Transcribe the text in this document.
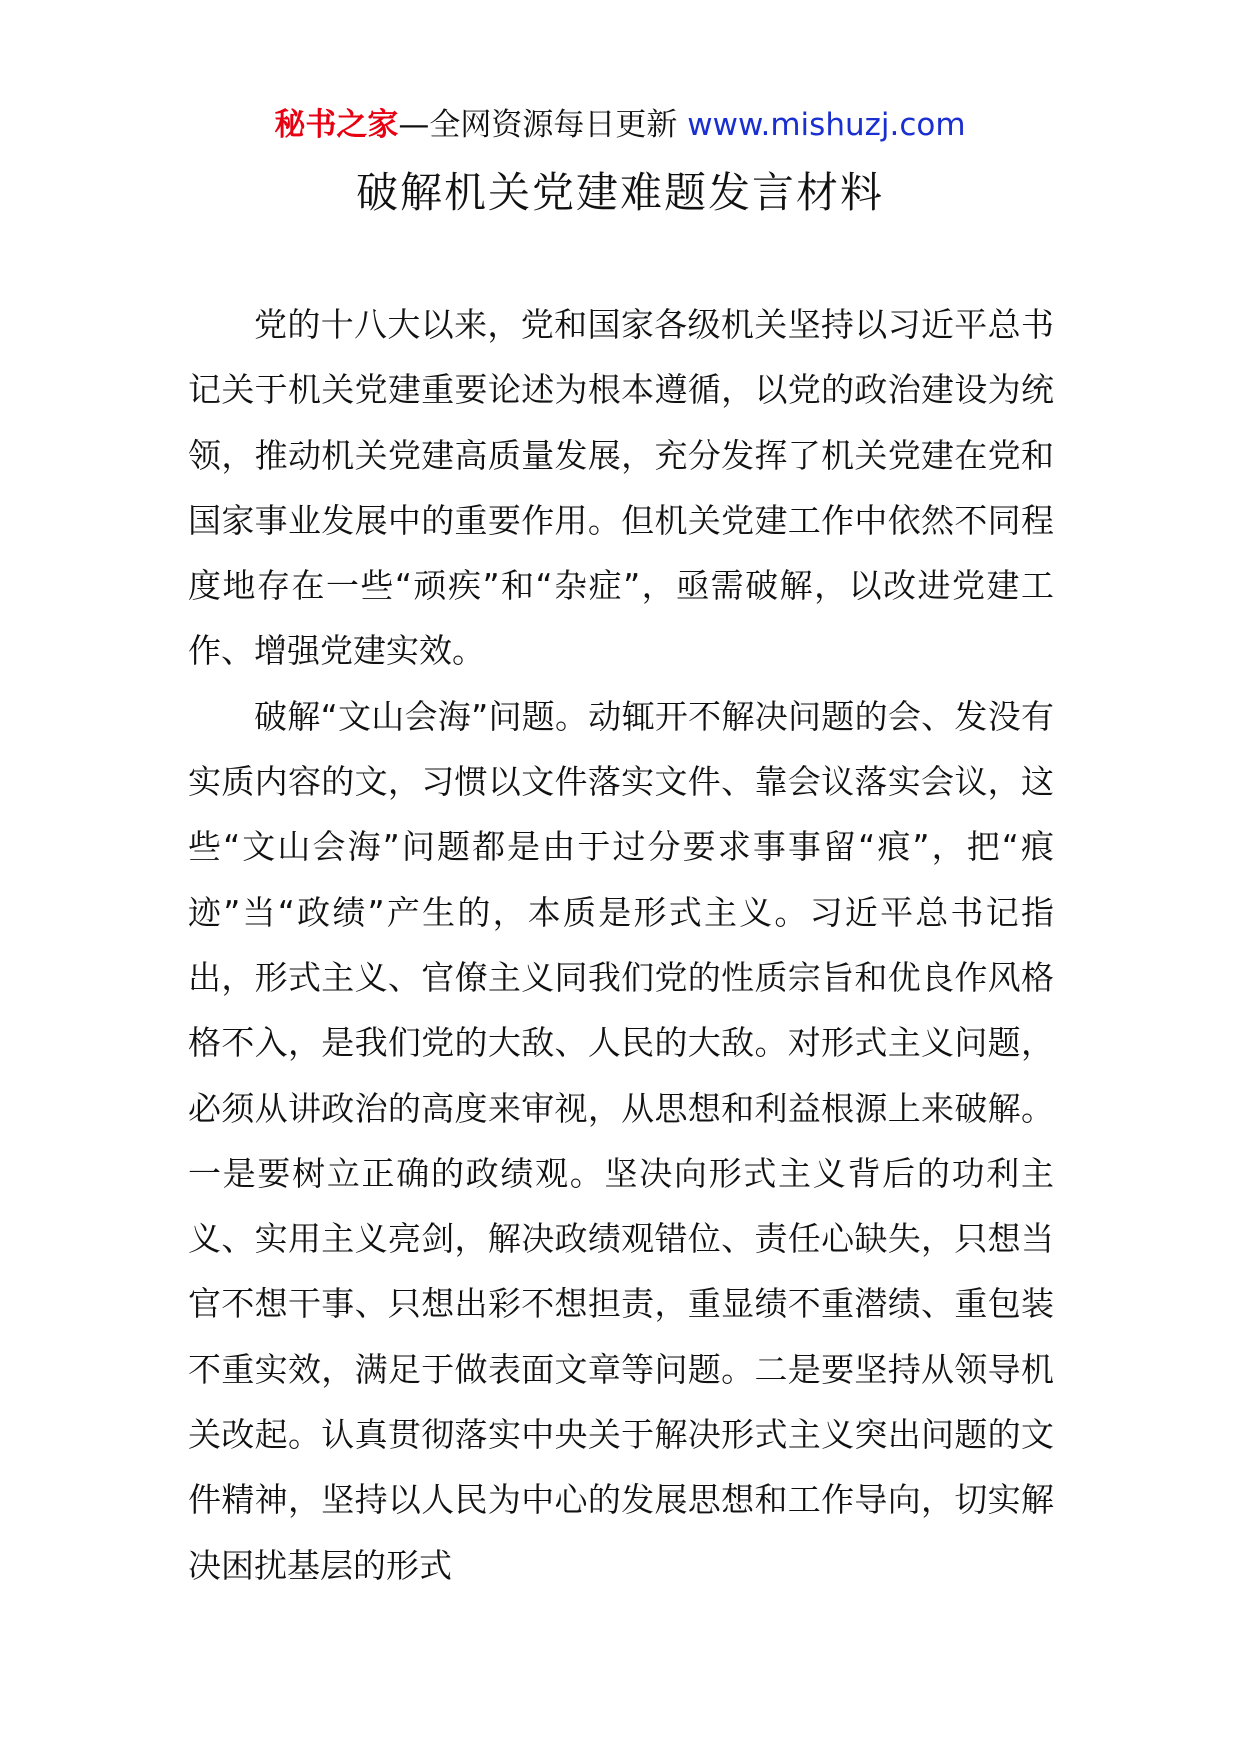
秘书之家—全网资源每日更新 www.mishuzj.com
破解机关党建难题发言材料

党的十八大以来，党和国家各级机关坚持以习近平总书记关于机关党建重要论述为根本遵循，以党的政治建设为统领，推动机关党建高质量发展，充分发挥了机关党建在党和国家事业发展中的重要作用。但机关党建工作中依然不同程度地存在一些“顽疾”和“杂症”，亟需破解，以改进党建工作、增强党建实效。

破解“文山会海”问题。动辄开不解决问题的会、发没有实质内容的文，习惯以文件落实文件、靠会议落实会议，这些“文山会海”问题都是由于过分要求事事留“痕”，把“痕迹”当“政绩”产生的，本质是形式主义。习近平总书记指出，形式主义、官僚主义同我们党的性质宗旨和优良作风格格不入，是我们党的大敌、人民的大敌。对形式主义问题，必须从讲政治的高度来审视，从思想和利益根源上来破解。一是要树立正确的政绩观。坚决向形式主义背后的功利主义、实用主义亮剑，解决政绩观错位、责任心缺失，只想当官不想干事、只想出彩不想担责，重显绩不重潜绩、重包装不重实效，满足于做表面文章等问题。二是要坚持从领导机关改起。认真贯彻落实中央关于解决形式主义突出问题的文件精神，坚持以人民为中心的发展思想和工作导向，切实解决困扰基层的形式
